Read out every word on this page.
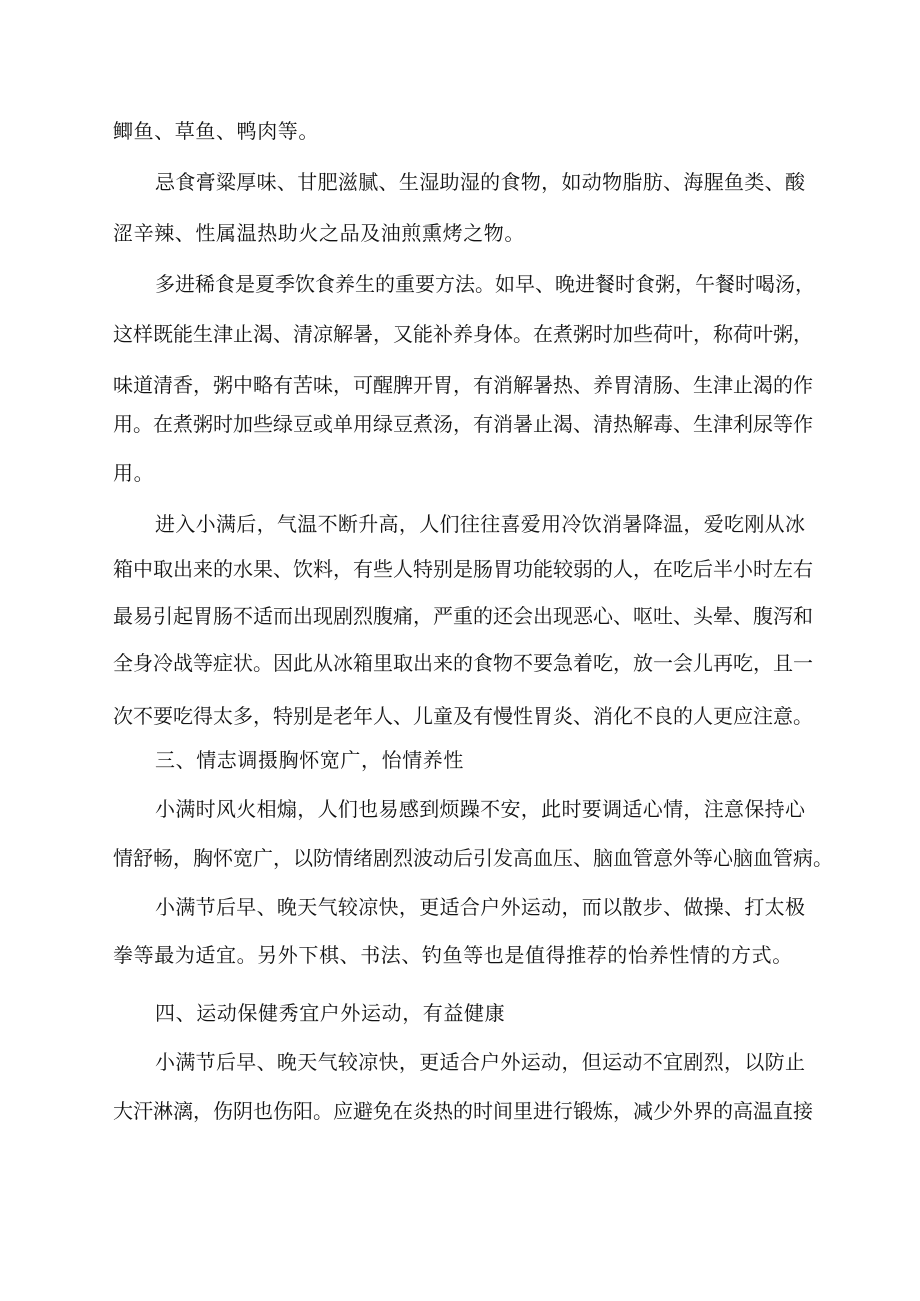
鲫鱼、草鱼、鸭肉等。
忌食膏粱厚味、甘肥滋腻、生湿助湿的食物，如动物脂肪、海腥鱼类、酸
涩辛辣、性属温热助火之品及油煎熏烤之物。
多进稀食是夏季饮食养生的重要方法。如早、晚进餐时食粥，午餐时喝汤，
这样既能生津止渴、清凉解暑，又能补养身体。在煮粥时加些荷叶，称荷叶粥，
味道清香，粥中略有苦味，可醒脾开胃，有消解暑热、养胃清肠、生津止渴的作
用。在煮粥时加些绿豆或单用绿豆煮汤，有消暑止渴、清热解毒、生津利尿等作
用。
进入小满后，气温不断升高，人们往往喜爱用冷饮消暑降温，爱吃刚从冰
箱中取出来的水果、饮料，有些人特别是肠胃功能较弱的人，在吃后半小时左右
最易引起胃肠不适而出现剧烈腹痛，严重的还会出现恶心、呕吐、头晕、腹泻和
全身冷战等症状。因此从冰箱里取出来的食物不要急着吃，放一会儿再吃，且一
次不要吃得太多，特别是老年人、儿童及有慢性胃炎、消化不良的人更应注意。
三、情志调摄胸怀宽广，怡情养性
小满时风火相煽，人们也易感到烦躁不安，此时要调适心情，注意保持心
情舒畅，胸怀宽广，以防情绪剧烈波动后引发高血压、脑血管意外等心脑血管病。
小满节后早、晚天气较凉快，更适合户外运动，而以散步、做操、打太极
拳等最为适宜。另外下棋、书法、钓鱼等也是值得推荐的怡养性情的方式。
四、运动保健秀宜户外运动，有益健康
小满节后早、晚天气较凉快，更适合户外运动，但运动不宜剧烈，以防止
大汗淋漓，伤阴也伤阳。应避免在炎热的时间里进行锻炼，减少外界的高温直接
